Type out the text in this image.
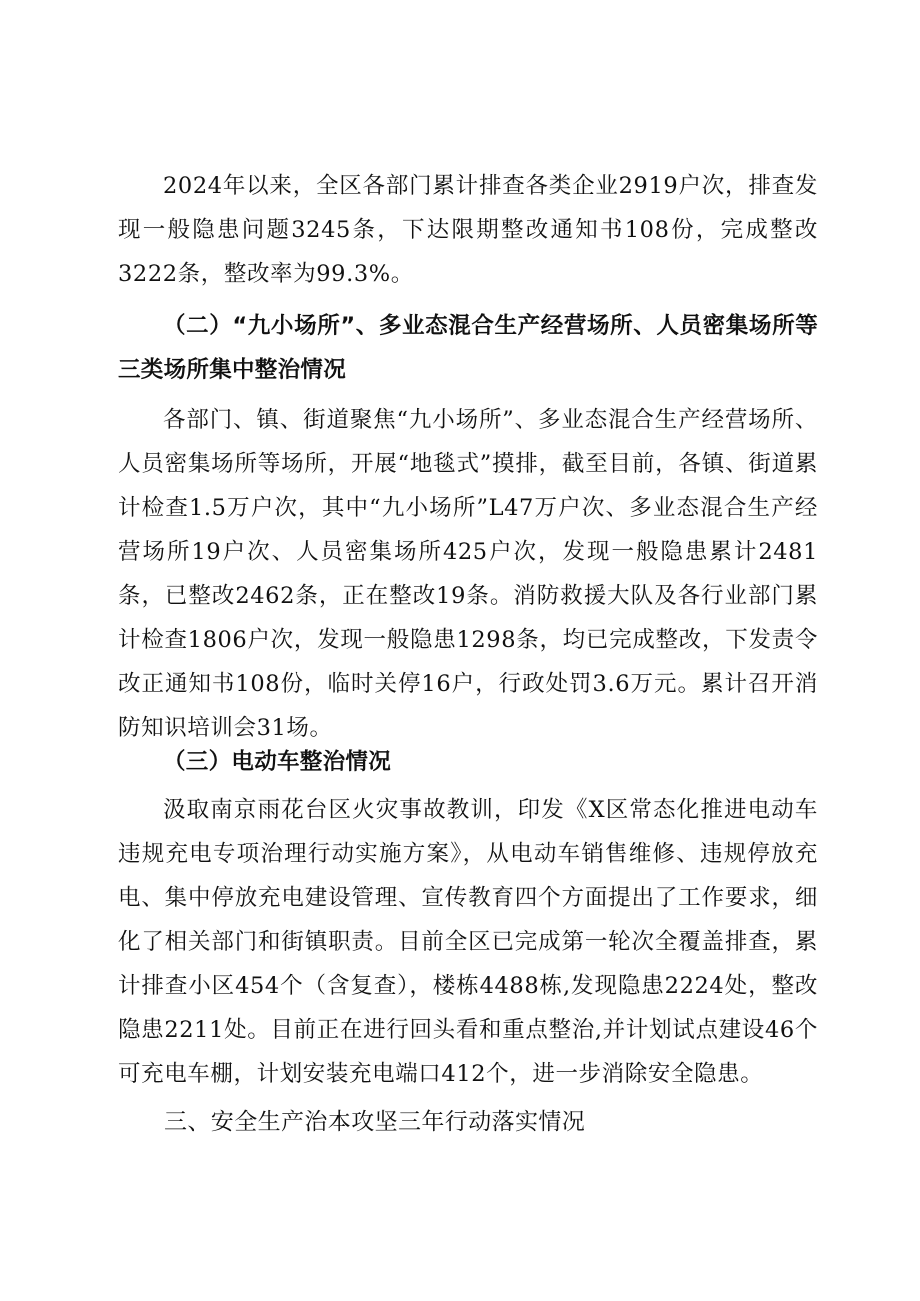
2024年以来，全区各部门累计排查各类企业2919户次，排查发现一般隐患问题3245条，下达限期整改通知书108份，完成整改3222条，整改率为99.3%。

（二）“九小场所”、多业态混合生产经营场所、人员密集场所等三类场所集中整治情况

各部门、镇、街道聚焦“九小场所”、多业态混合生产经营场所、人员密集场所等场所，开展“地毯式”摸排，截至目前，各镇、街道累计检查1.5万户次，其中“九小场所”L47万户次、多业态混合生产经营场所19户次、人员密集场所425户次，发现一般隐患累计2481条，已整改2462条，正在整改19条。消防救援大队及各行业部门累计检查1806户次，发现一般隐患1298条，均已完成整改，下发责令改正通知书108份，临时关停16户，行政处罚3.6万元。累计召开消防知识培训会31场。

（三）电动车整治情况

汲取南京雨花台区火灾事故教训，印发《X区常态化推进电动车违规充电专项治理行动实施方案》，从电动车销售维修、违规停放充电、集中停放充电建设管理、宣传教育四个方面提出了工作要求，细化了相关部门和街镇职责。目前全区已完成第一轮次全覆盖排查，累计排查小区454个（含复查），楼栋4488栋,发现隐患2224处，整改隐患2211处。目前正在进行回头看和重点整治,并计划试点建设46个可充电车棚，计划安装充电端口412个，进一步消除安全隐患。

三、安全生产治本攻坚三年行动落实情况
